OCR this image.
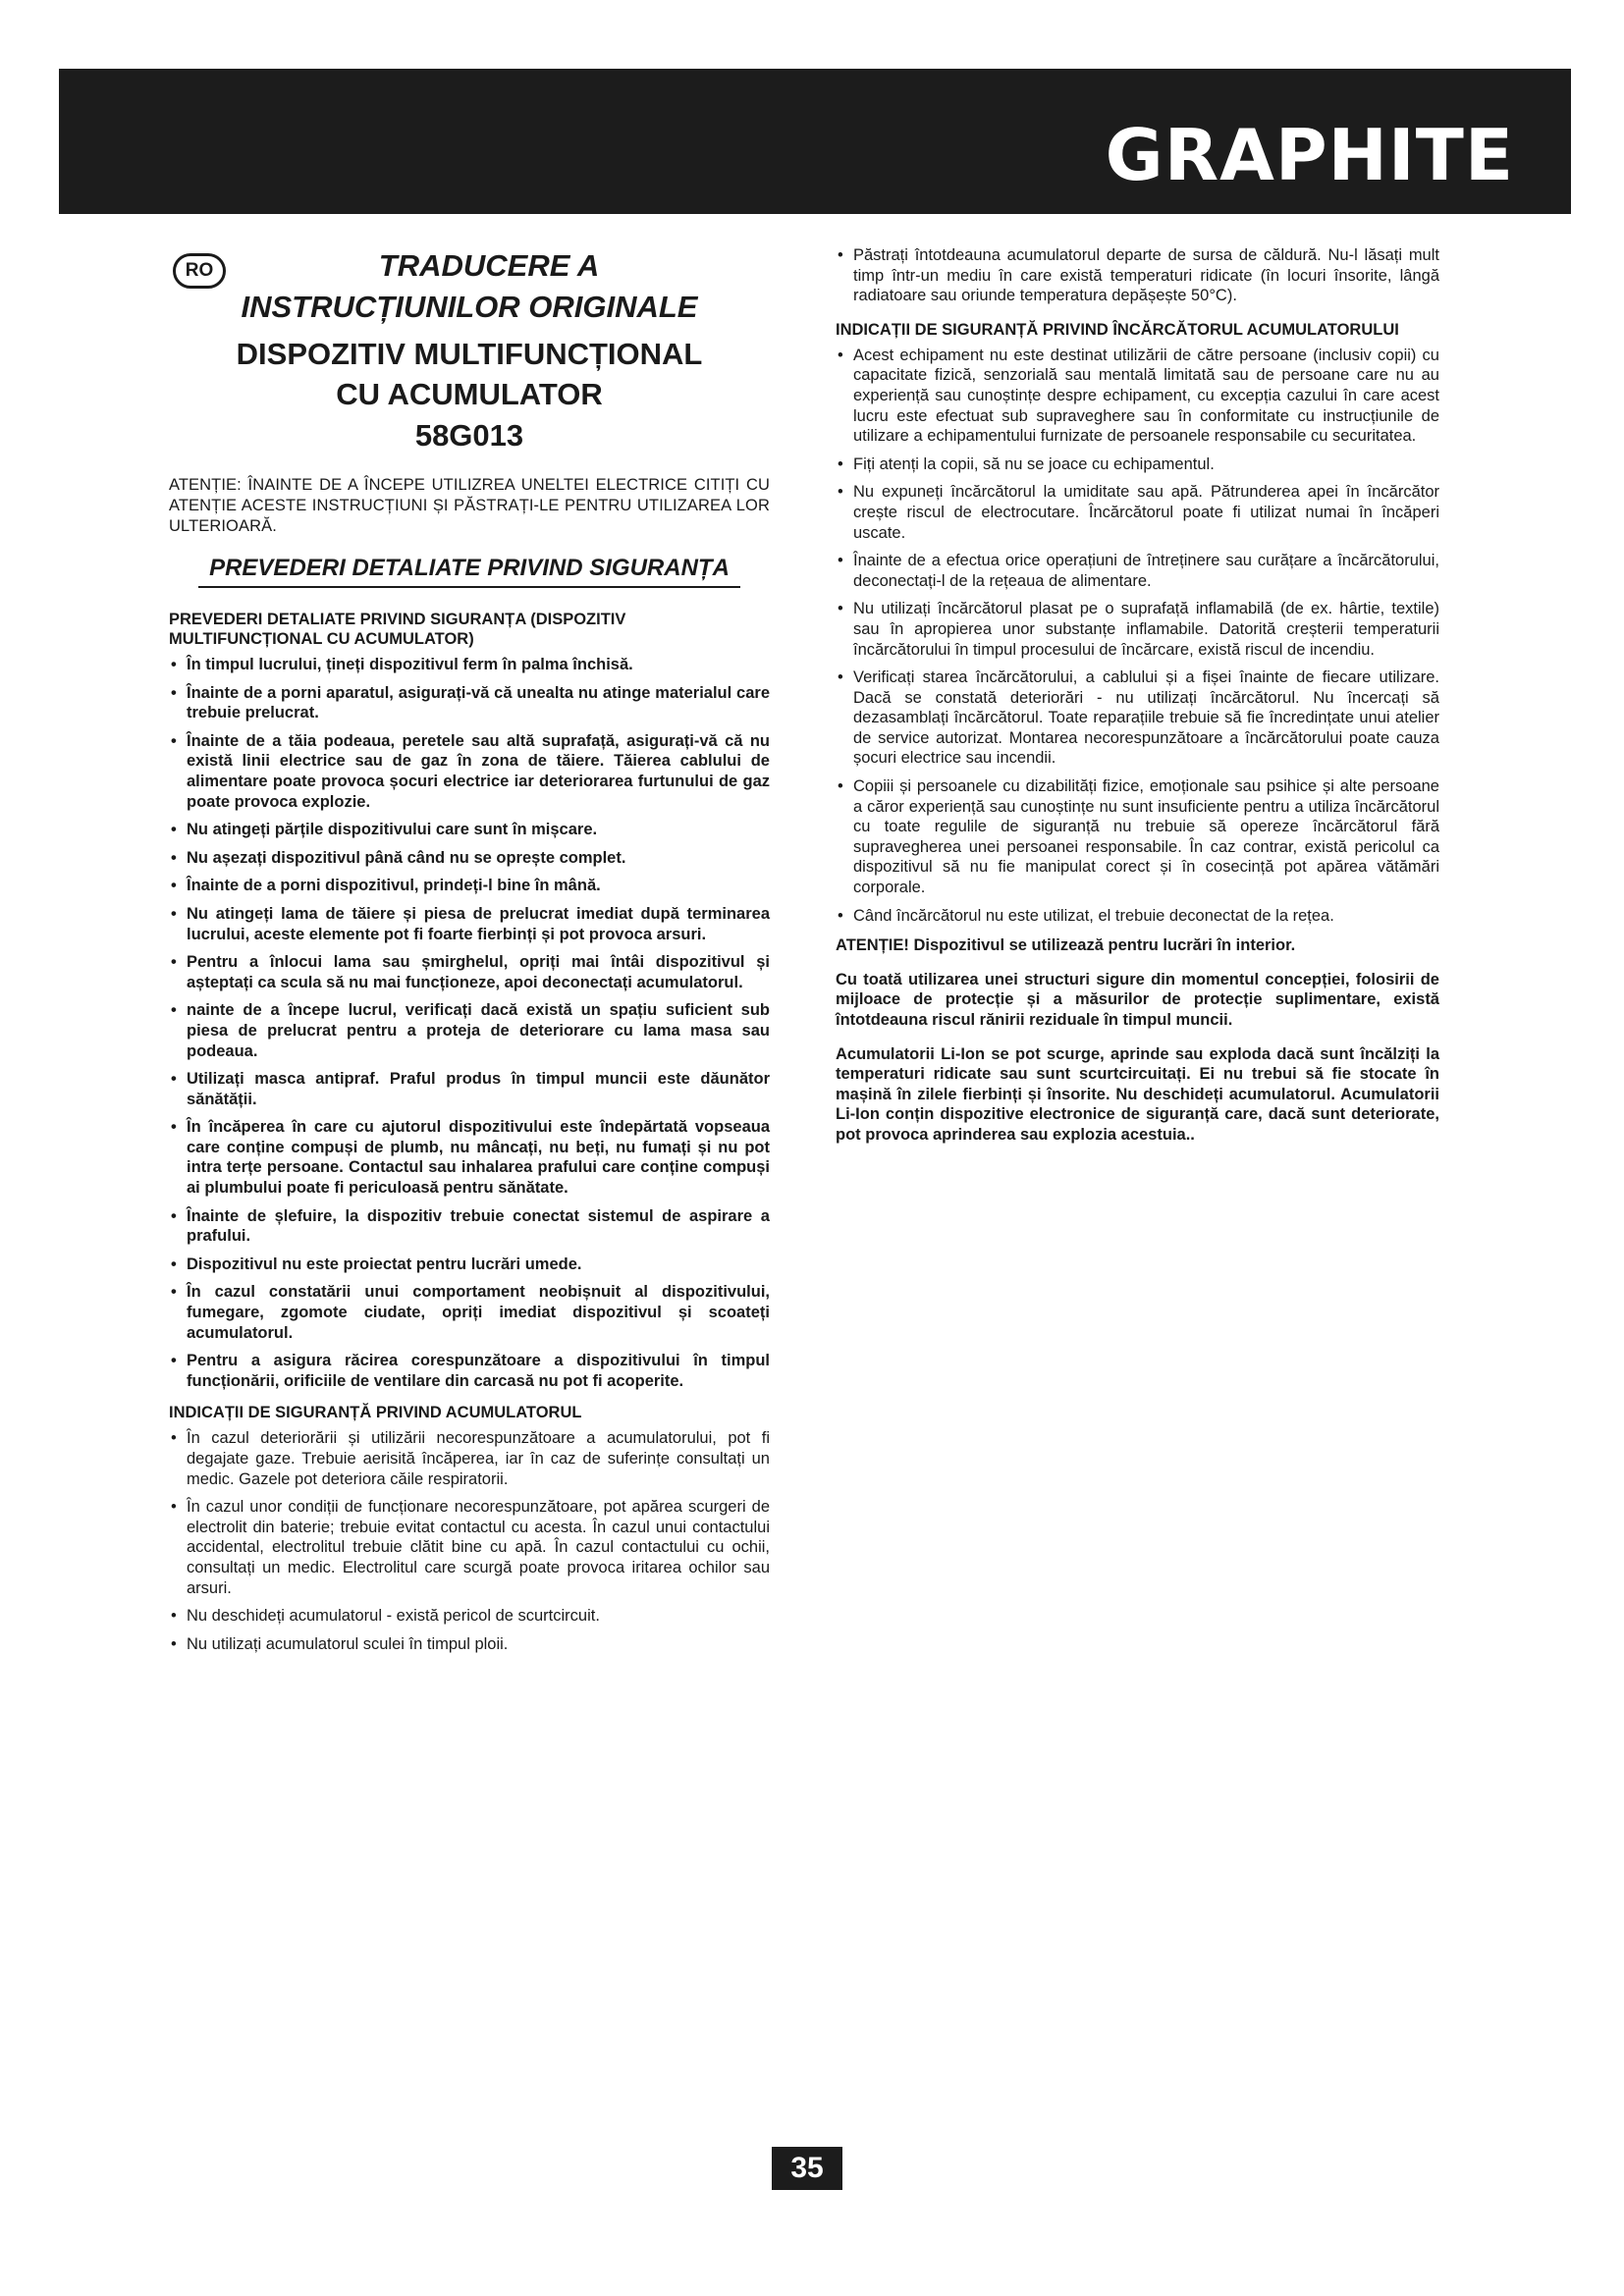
GRAPHITE
RO	TRADUCERE A
INSTRUCȚIUNILOR ORIGINALE
DISPOZITIV MULTIFUNCȚIONAL
CU ACUMULATOR
58G013
ATENȚIE: ÎNAINTE DE A ÎNCEPE UTILIZREA UNELTEI ELECTRICE CITIȚI CU ATENȚIE ACESTE INSTRUCȚIUNI ȘI PĂSTRAȚI-LE PENTRU UTILIZAREA LOR ULTERIOARĂ.
PREVEDERI DETALIATE PRIVIND SIGURANȚA
PREVEDERI DETALIATE PRIVIND SIGURANȚA (DISPOZITIV MULTIFUNCȚIONAL CU ACUMULATOR)
• În timpul lucrului, țineți dispozitivul ferm în palma închisă.
• Înainte de a porni aparatul, asigurați-vă că unealta nu atinge materialul care trebuie prelucrat.
• Înainte de a tăia podeaua, peretele sau altă suprafață, asigurați-vă că nu există linii electrice sau de gaz în zona de tăiere. Tăierea cablului de alimentare poate provoca șocuri electrice iar deteriorarea furtunului de gaz poate provoca explozie.
• Nu atingeți părțile dispozitivului care sunt în mișcare.
• Nu așezați dispozitivul până când nu se oprește complet.
• Înainte de a porni dispozitivul, prindeți-l bine în mână.
• Nu atingeți lama de tăiere și piesa de prelucrat imediat după terminarea lucrului, aceste elemente pot fi foarte fierbinți și pot provoca arsuri.
• Pentru a înlocui lama sau șmirghelul, opriți mai întâi dispozitivul și așteptați ca scula să nu mai funcționeze, apoi deconectați acumulatorul.
• nainte de a începe lucrul, verificați dacă există un spațiu suficient sub piesa de prelucrat pentru a proteja de deteriorare cu lama masa sau podeaua.
• Utilizați masca antipraf. Praful produs în timpul muncii este dăunător sănătății.
• În încăperea în care cu ajutorul dispozitivului este îndepărtată vopseaua care conține compuși de plumb, nu mâncați, nu beți, nu fumați și nu pot intra terțe persoane. Contactul sau inhalarea prafului care conține compuși ai plumbului poate fi periculoasă pentru sănătate.
• Înainte de șlefuire, la dispozitiv trebuie conectat sistemul de aspirare a prafului.
• Dispozitivul nu este proiectat pentru lucrări umede.
• În cazul constatării unui comportament neobișnuit al dispozitivului, fumegare, zgomote ciudate, opriți imediat dispozitivul și scoateți acumulatorul.
• Pentru a asigura răcirea corespunzătoare a dispozitivului în timpul funcționării, orificiile de ventilare din carcasă nu pot fi acoperite.
INDICAȚII DE SIGURANȚĂ PRIVIND ACUMULATORUL
• În cazul deteriorării și utilizării necorespunzătoare a acumulatorului, pot fi degajate gaze. Trebuie aerisită încăperea, iar în caz de suferințe consultați un medic. Gazele pot deteriora căile respiratorii.
• În cazul unor condiții de funcționare necorespunzătoare, pot apărea scurgeri de electrolit din baterie; trebuie evitat contactul cu acesta. În cazul unui contactului accidental, electrolitul trebuie clătit bine cu apă. În cazul contactului cu ochii, consultați un medic. Electrolitul care scurgă poate provoca iritarea ochilor sau arsuri.
• Nu deschideți acumulatorul - există pericol de scurtcircuit.
• Nu utilizați acumulatorul sculei în timpul ploii.
• Păstrați întotdeauna acumulatorul departe de sursa de căldură. Nu-l lăsați mult timp într-un mediu în care există temperaturi ridicate (în locuri însorite, lângă radiatoare sau oriunde temperatura depășește 50°C).
INDICAȚII DE SIGURANȚĂ PRIVIND ÎNCĂRCĂTORUL ACUMULATORULUI
• Acest echipament nu este destinat utilizării de către persoane (inclusiv copii) cu capacitate fizică, senzorială sau mentală limitată sau de persoane care nu au experiență sau cunoștințe despre echipament, cu excepția cazului în care acest lucru este efectuat sub supraveghere sau în conformitate cu instrucțiunile de utilizare a echipamentului furnizate de persoanele responsabile cu securitatea.
• Fiți atenți la copii, să nu se joace cu echipamentul.
• Nu expuneți încărcătorul la umiditate sau apă. Pătrunderea apei în încărcător crește riscul de electrocutare. Încărcătorul poate fi utilizat numai în încăperi uscate.
• Înainte de a efectua orice operațiuni de întreținere sau curățare a încărcătorului, deconectați-l de la rețeaua de alimentare.
• Nu utilizați încărcătorul plasat pe o suprafață inflamabilă (de ex. hârtie, textile) sau în apropierea unor substanțe inflamabile. Datorită creșterii temperaturii încărcătorului în timpul procesului de încărcare, există riscul de incendiu.
• Verificați starea încărcătorului, a cablului și a fișei înainte de fiecare utilizare. Dacă se constată deteriorări - nu utilizați încărcătorul. Nu încercați să dezasamblați încărcătorul. Toate reparațiile trebuie să fie încredințate unui atelier de service autorizat. Montarea necorespunzătoare a încărcătorului poate cauza șocuri electrice sau incendii.
• Copiii și persoanele cu dizabilități fizice, emoționale sau psihice și alte persoane a căror experiență sau cunoștințe nu sunt insuficiente pentru a utiliza încărcătorul cu toate regulile de siguranță nu trebuie să opereze încărcătorul fără supravegherea unei persoanei responsabile. În caz contrar, există pericolul ca dispozitivul să nu fie manipulat corect și în cosecință pot apărea vătămări corporale.
• Când încărcătorul nu este utilizat, el trebuie deconectat de la rețea.
ATENȚIE! Dispozitivul se utilizează pentru lucrări în interior.
Cu toată utilizarea unei structuri sigure din momentul concepției, folosirii de mijloace de protecție și a măsurilor de protecție suplimentare, există întotdeauna riscul rănirii reziduale în timpul muncii.
Acumulatorii Li-Ion se pot scurge, aprinde sau exploda dacă sunt încălziți la temperaturi ridicate sau sunt scurtcircuitați. Ei nu trebui să fie stocate în mașină în zilele fierbinți și însorite. Nu deschideți acumulatorul. Acumulatorii Li-Ion conțin dispozitive electronice de siguranță care, dacă sunt deteriorate, pot provoca aprinderea sau explozia acestuia..
35
